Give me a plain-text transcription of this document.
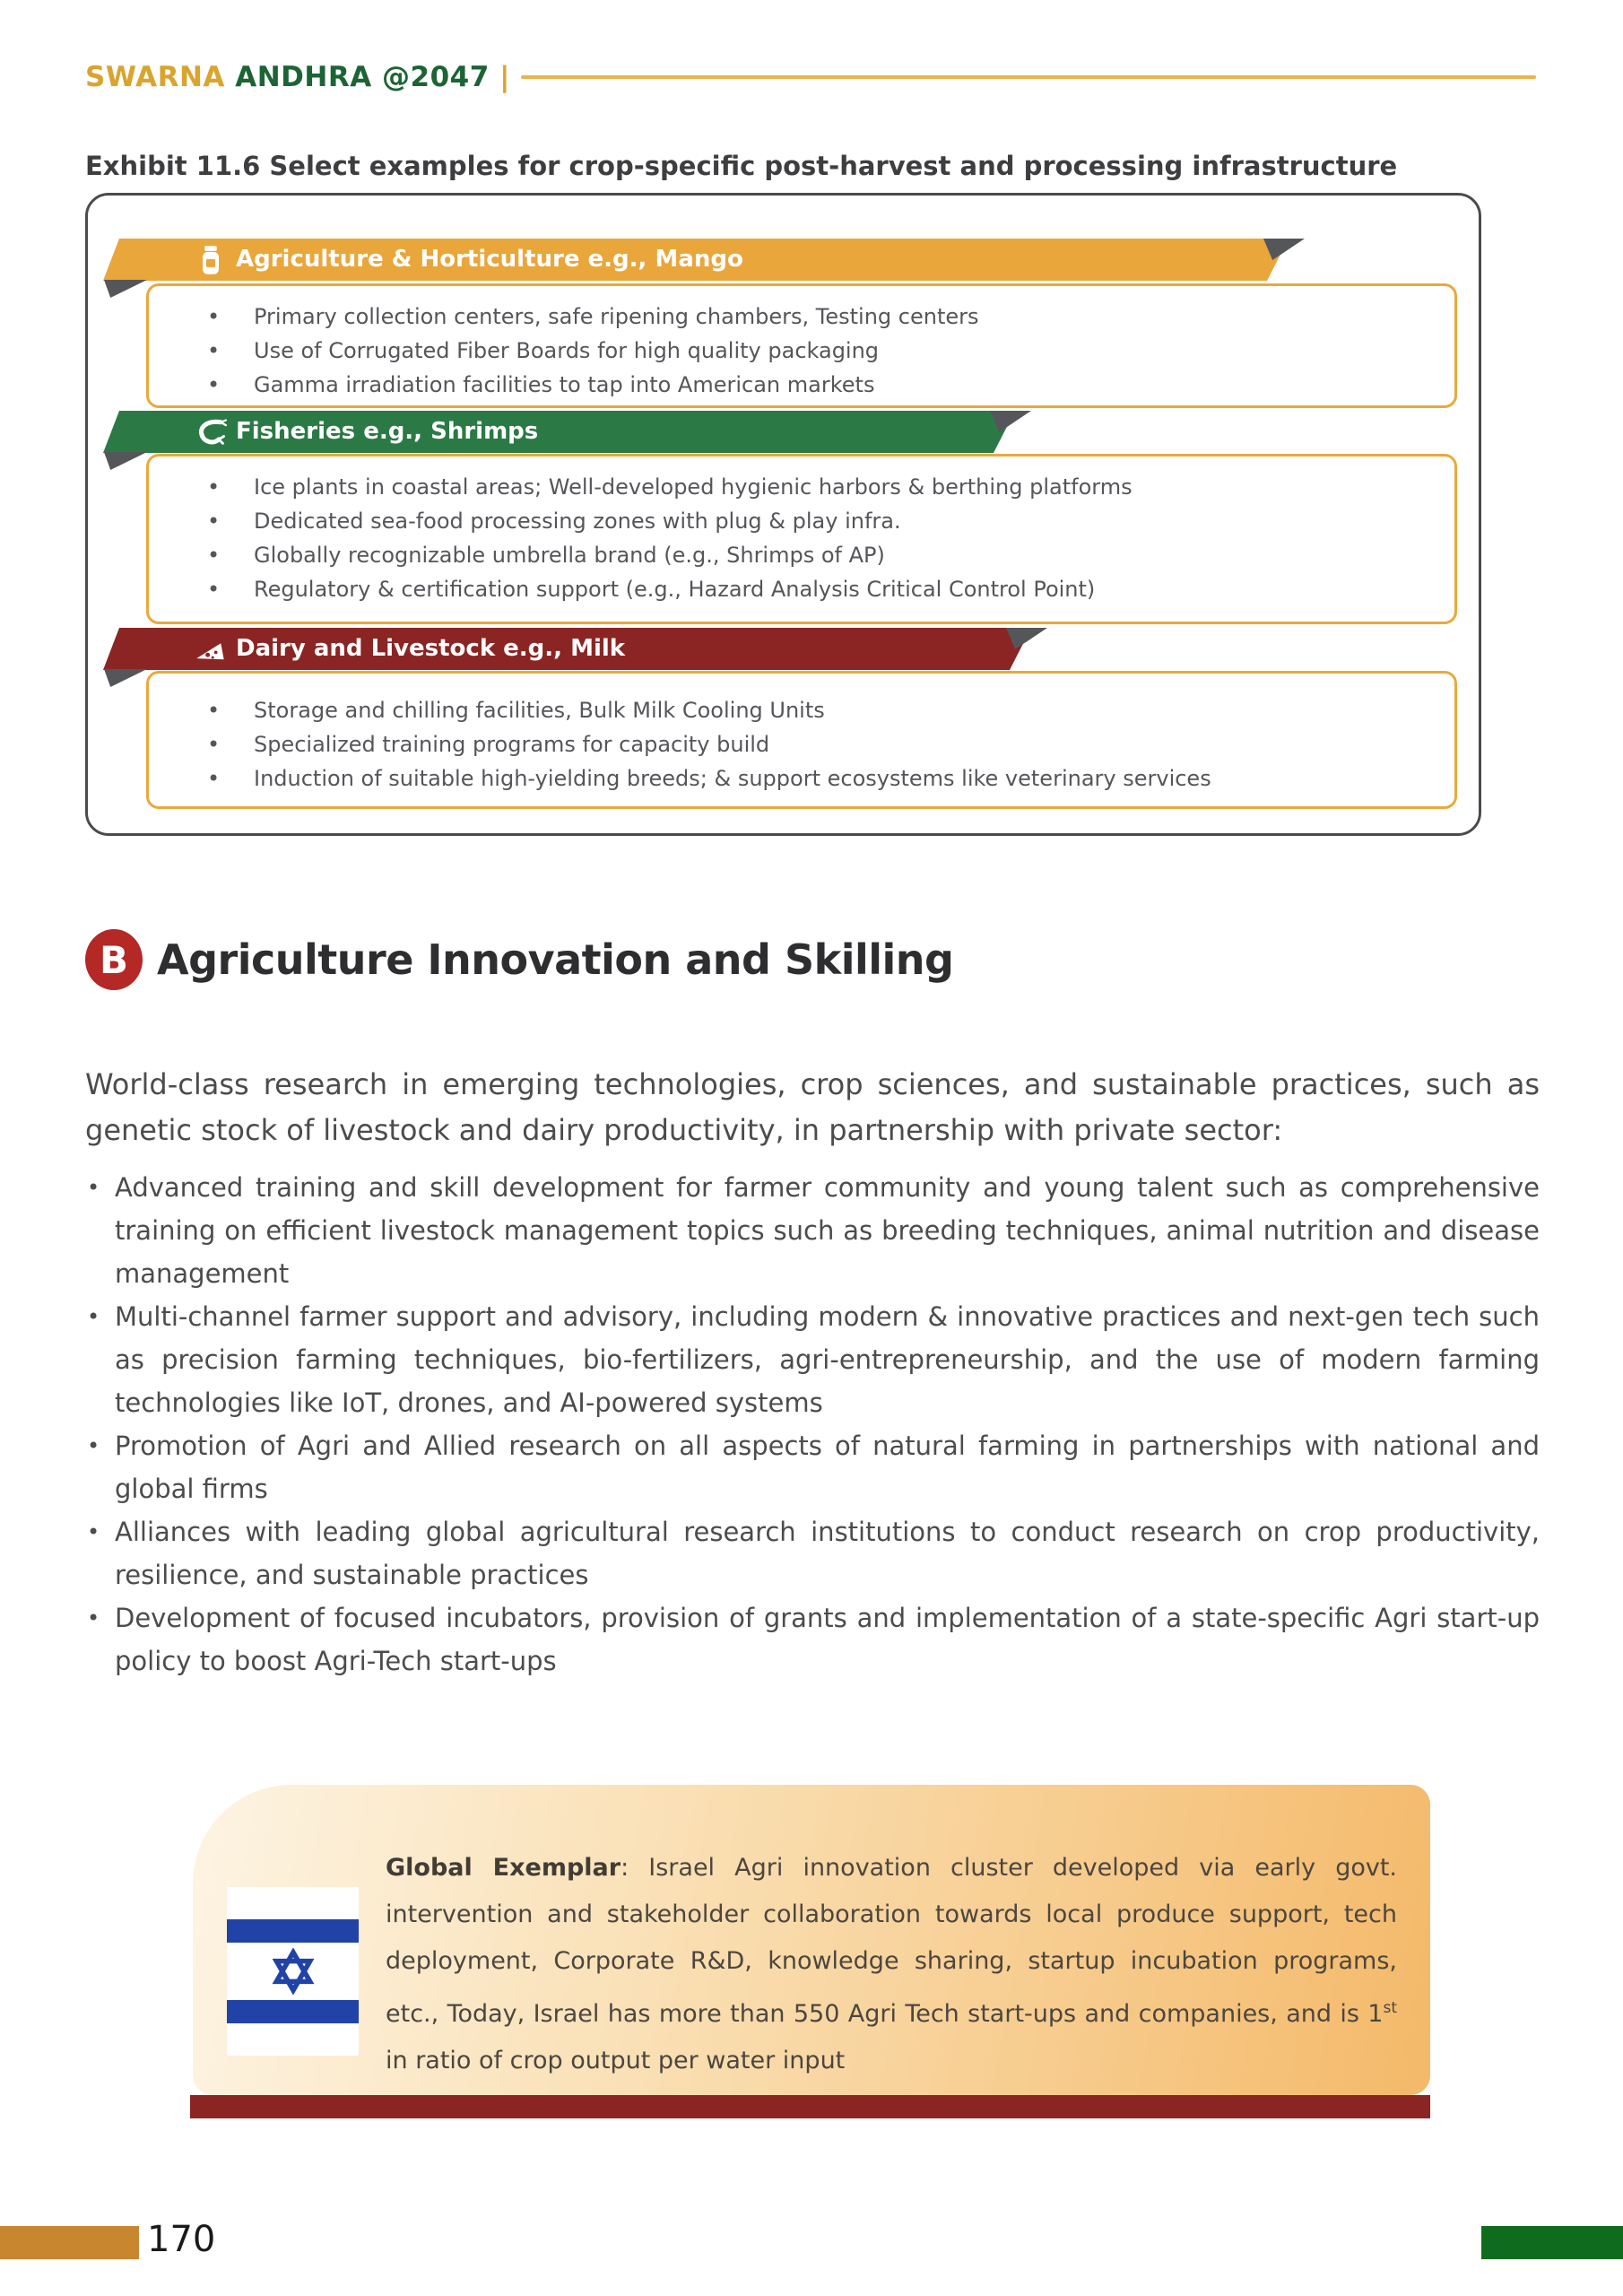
SWARNA ANDHRA @2047 |
Exhibit 11.6 Select examples for crop-specific post-harvest and processing infrastructure
Agriculture & Horticulture e.g., Mango
• Primary collection centers, safe ripening chambers, Testing centers
• Use of Corrugated Fiber Boards for high quality packaging
• Gamma irradiation facilities to tap into American markets
Fisheries e.g., Shrimps
• Ice plants in coastal areas; Well-developed hygienic harbors & berthing platforms
• Dedicated sea-food processing zones with plug & play infra.
• Globally recognizable umbrella brand (e.g., Shrimps of AP)
• Regulatory & certification support (e.g., Hazard Analysis Critical Control Point)
Dairy and Livestock e.g., Milk
• Storage and chilling facilities, Bulk Milk Cooling Units
• Specialized training programs for capacity build
• Induction of suitable high-yielding breeds; & support ecosystems like veterinary services
B Agriculture Innovation and Skilling

World-class research in emerging technologies, crop sciences, and sustainable practices, such as genetic stock of livestock and dairy productivity, in partnership with private sector:

• Advanced training and skill development for farmer community and young talent such as comprehensive training on efficient livestock management topics such as breeding techniques, animal nutrition and disease management
• Multi-channel farmer support and advisory, including modern & innovative practices and next-gen tech such as precision farming techniques, bio-fertilizers, agri-entrepreneurship, and the use of modern farming technologies like IoT, drones, and AI-powered systems
• Promotion of Agri and Allied research on all aspects of natural farming in partnerships with national and global firms
• Alliances with leading global agricultural research institutions to conduct research on crop productivity, resilience, and sustainable practices
• Development of focused incubators, provision of grants and implementation of a state-specific Agri start-up policy to boost Agri-Tech start-ups

Global Exemplar: Israel Agri innovation cluster developed via early govt. intervention and stakeholder collaboration towards local produce support, tech deployment, Corporate R&D, knowledge sharing, startup incubation programs, etc., Today, Israel has more than 550 Agri Tech start-ups and companies, and is 1st in ratio of crop output per water input

170
